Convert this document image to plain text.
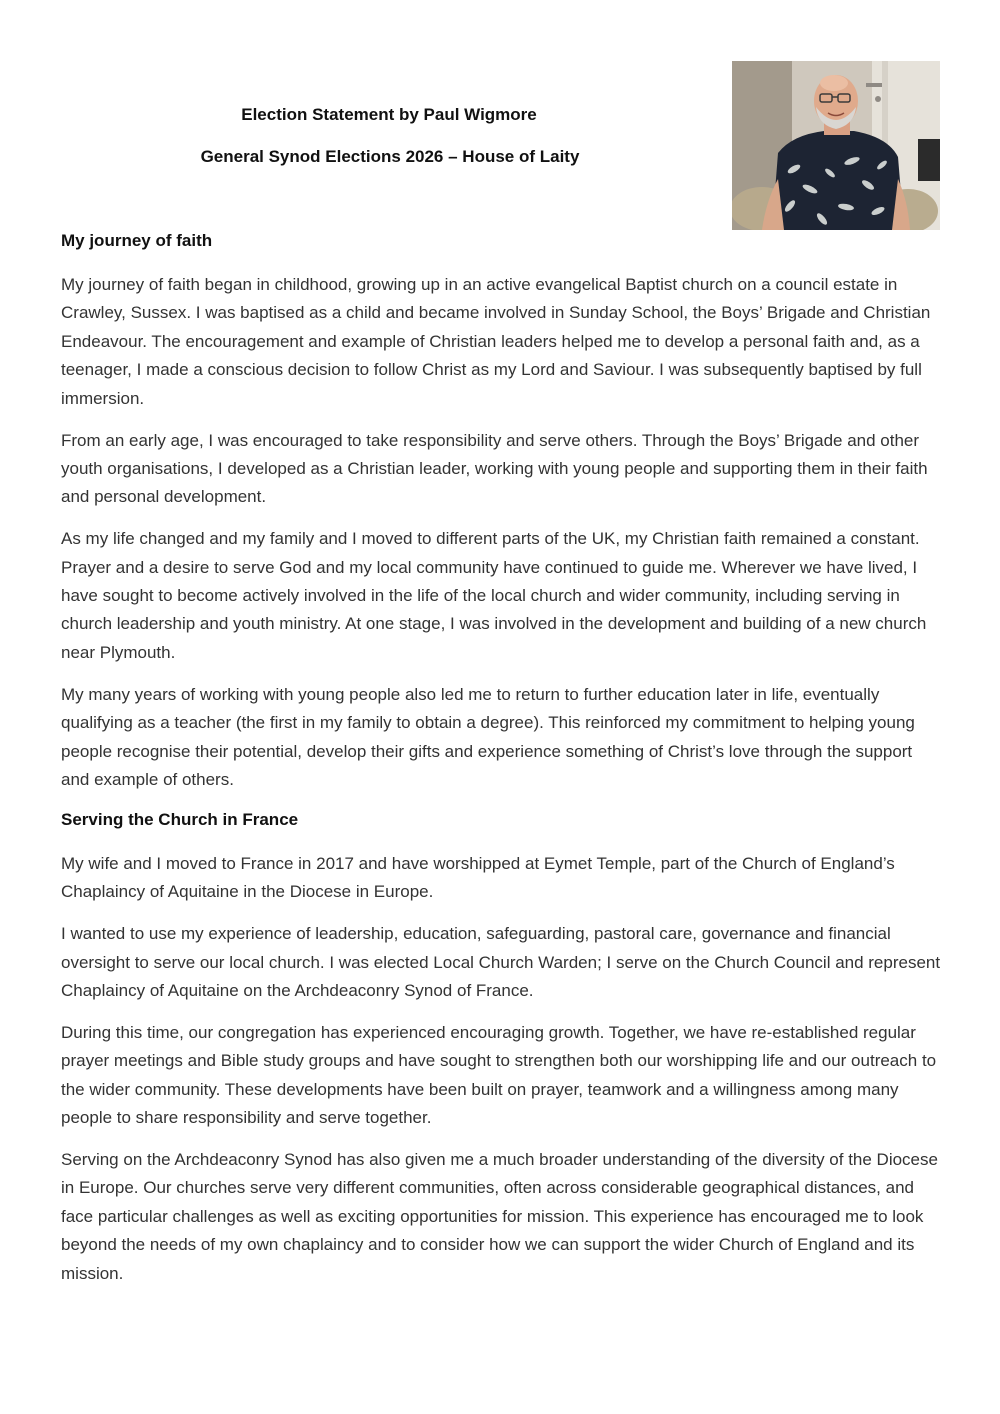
Election Statement by Paul Wigmore

General Synod Elections 2026 – House of Laity

My journey of faith

My journey of faith began in childhood, growing up in an active evangelical Baptist church on a council estate in Crawley, Sussex. I was baptised as a child and became involved in Sunday School, the Boys’ Brigade and Christian Endeavour. The encouragement and example of Christian leaders helped me to develop a personal faith and, as a teenager, I made a conscious decision to follow Christ as my Lord and Saviour. I was subsequently baptised by full immersion.

From an early age, I was encouraged to take responsibility and serve others. Through the Boys’ Brigade and other youth organisations, I developed as a Christian leader, working with young people and supporting them in their faith and personal development.

As my life changed and my family and I moved to different parts of the UK, my Christian faith remained a constant. Prayer and a desire to serve God and my local community have continued to guide me. Wherever we have lived, I have sought to become actively involved in the life of the local church and wider community, including serving in church leadership and youth ministry. At one stage, I was involved in the development and building of a new church near Plymouth.

My many years of working with young people also led me to return to further education later in life, eventually qualifying as a teacher (the first in my family to obtain a degree). This reinforced my commitment to helping young people recognise their potential, develop their gifts and experience something of Christ’s love through the support and example of others.

Serving the Church in France

My wife and I moved to France in 2017 and have worshipped at Eymet Temple, part of the Church of England’s Chaplaincy of Aquitaine in the Diocese in Europe.

I wanted to use my experience of leadership, education, safeguarding, pastoral care, governance and financial oversight to serve our local church. I was elected Local Church Warden; I serve on the Church Council and represent Chaplaincy of Aquitaine on the Archdeaconry Synod of France.

During this time, our congregation has experienced encouraging growth. Together, we have re-established regular prayer meetings and Bible study groups and have sought to strengthen both our worshipping life and our outreach to the wider community. These developments have been built on prayer, teamwork and a willingness among many people to share responsibility and serve together.

Serving on the Archdeaconry Synod has also given me a much broader understanding of the diversity of the Diocese in Europe. Our churches serve very different communities, often across considerable geographical distances, and face particular challenges as well as exciting opportunities for mission. This experience has encouraged me to look beyond the needs of my own chaplaincy and to consider how we can support the wider Church of England and its mission.
